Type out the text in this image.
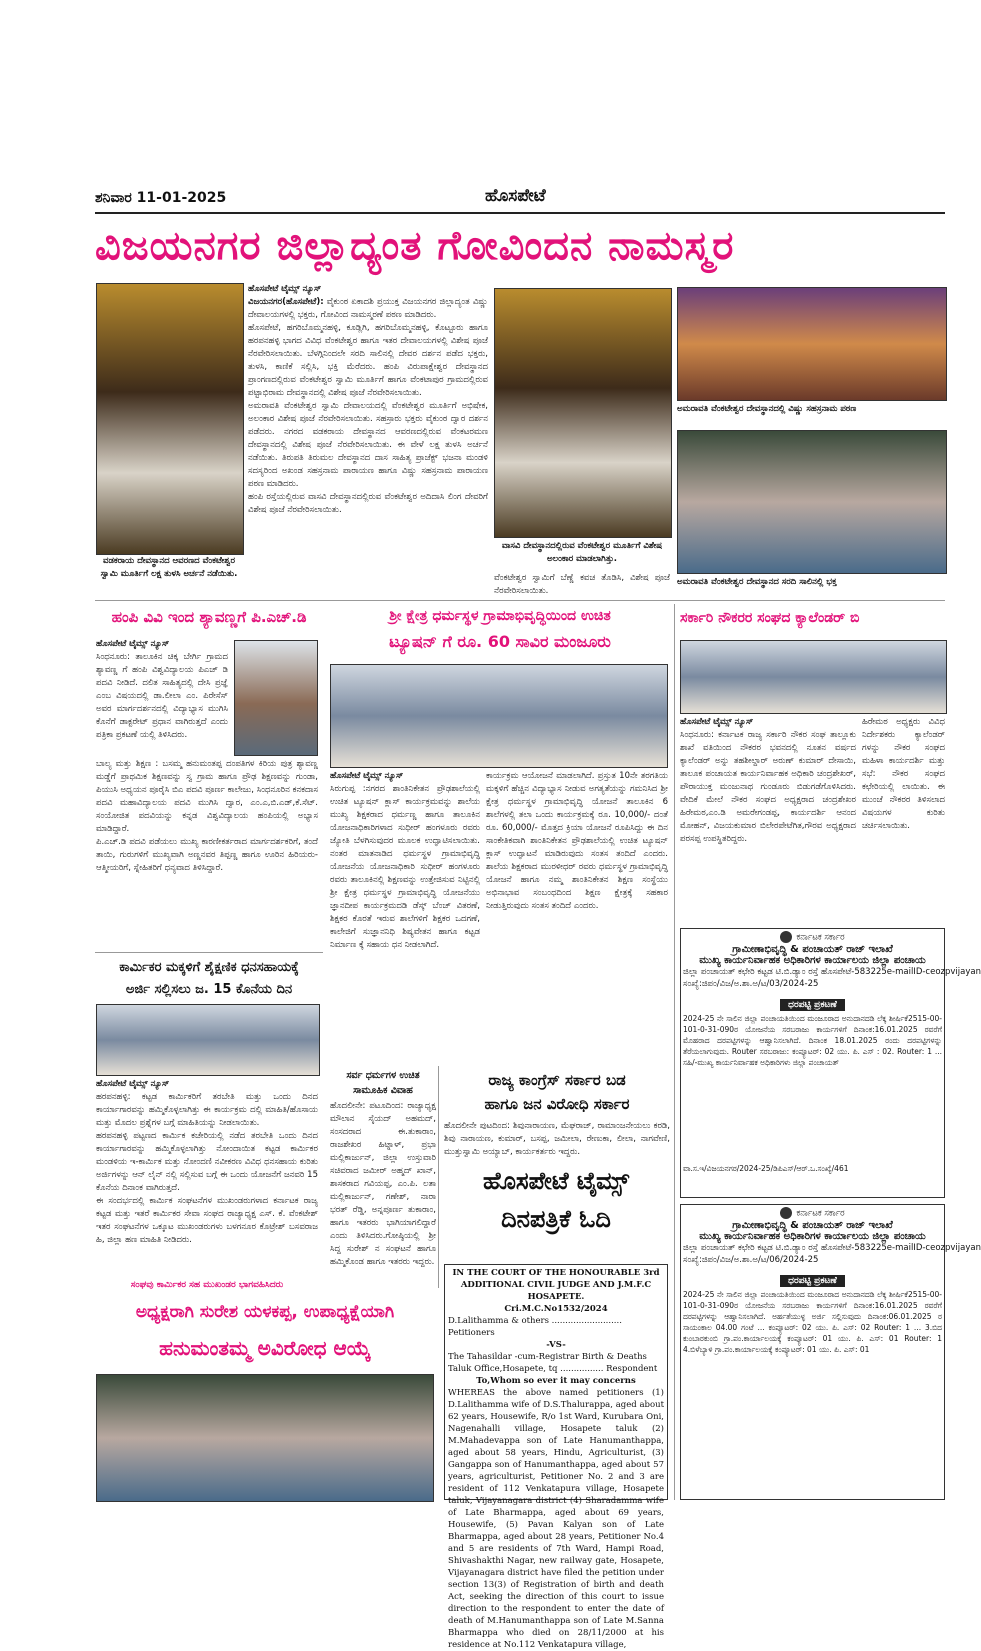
ಶನಿವಾರ 11-01-2025	ಹೊಸಪೇಟೆ
ವಿಜಯನಗರ ಜಿಲ್ಲಾದ್ಯಂತ ಗೋವಿಂದನ ನಾಮಸ್ಮರ
ವಡಕರಾಯ ದೇವಸ್ಥಾನದ ಆವರಣದ ವೆಂಕಟೇಶ್ವರ ಸ್ವಾಮಿ ಮೂರ್ತಿಗೆ ಲಕ್ಷ ತುಳಸಿ ಅರ್ಚನೆ ನಡೆಯಿತು.
ಹೊಸಪೇಟೆ ಟೈಮ್ಸ್ ನ್ಯೂಸ್
ವಿಜಯನಗರ(ಹೊಸಪೇಟೆ): ವೈಕುಂಠ ಏಕಾದಶಿ ಪ್ರಯುಕ್ತ ವಿಜಯನಗರ ಜಿಲ್ಲಾದ್ಯಂತ ವಿಷ್ಣು ದೇವಾಲಯಗಳಲ್ಲಿ ಭಕ್ತರು, ಗೋವಿಂದ ನಾಮಸ್ಮರಣೆ ಪಠಣ ಮಾಡಿದರು.
ಹೊಸಪೇಟೆ, ಹಗರಿಬೊಮ್ಮನಹಳ್ಳಿ, ಕೂಡ್ಲಿಗಿ, ಹಗರಿಬೊಮ್ಮನಹಳ್ಳಿ, ಕೊಟ್ಟೂರು ಹಾಗೂ ಹರಪನಹಳ್ಳಿ ಭಾಗದ ವಿವಿಧ ವೆಂಕಟೇಶ್ವರ ಹಾಗೂ ಇತರ ದೇವಾಲಯಗಳಲ್ಲಿ ವಿಶೇಷ ಪೂಜೆ ನೆರವೇರಿಸಲಾಯಿತು. ಬೆಳಗ್ಗಿನಿಂದಲೇ ಸರದಿ ಸಾಲಿನಲ್ಲಿ ದೇವರ ದರ್ಶನ ಪಡೆದ ಭಕ್ತರು, ತುಳಸಿ, ಕಾಣಿಕೆ ಸಲ್ಲಿಸಿ, ಭಕ್ತಿ ಮೆರೆದರು. ಹಂಪಿ ವಿರುಪಾಕ್ಷೇಶ್ವರ ದೇವಸ್ಥಾನದ ಪ್ರಾಂಗಣದಲ್ಲಿರುವ ವೆಂಕಟೇಶ್ವರ ಸ್ವಾಮಿ ಮೂರ್ತಿಗೆ ಹಾಗೂ ವೆಂಕಟಾಪುರ ಗ್ರಾಮದಲ್ಲಿರುವ ಪಟ್ಟಾಭಿರಾಮ ದೇವಸ್ಥಾನದಲ್ಲಿ ವಿಶೇಷ ಪೂಜೆ ನೆರವೇರಿಸಲಾಯಿತು.
ಅಮರಾವತಿ ವೆಂಕಟೇಶ್ವರ ಸ್ವಾಮಿ ದೇವಾಲಯದಲ್ಲಿ ವೆಂಕಟೇಶ್ವರ ಮೂರ್ತಿಗೆ ಅಭಿಷೇಕ, ಅಲಂಕಾರ ವಿಶೇಷ ಪೂಜೆ ನೆರವೇರಿಸಲಾಯಿತು. ಸಹಸ್ರಾರು ಭಕ್ತರು ವೈಕುಂಠ ದ್ವಾರ ದರ್ಶನ ಪಡೆದರು. ನಗರದ ವಡಕರಾಯ ದೇವಸ್ಥಾನದ ಆವರಣದಲ್ಲಿರುವ ವೆಂಕಟರಮಣ ದೇವಸ್ಥಾನದಲ್ಲಿ ವಿಶೇಷ ಪೂಜೆ ನೆರವೇರಿಸಲಾಯಿತು. ಈ ವೇಳೆ ಲಕ್ಷ ತುಳಸಿ ಅರ್ಚನೆ ನಡೆಯಿತು. ತಿರುಪತಿ ತಿರುಮಲ ದೇವಸ್ಥಾನದ ದಾಸ ಸಾಹಿತ್ಯ ಪ್ರಾಜೆಕ್ಟ್ ಭಜನಾ ಮಂಡಳಿ ಸದಸ್ಯರಿಂದ ಅಖಂಡ ಸಹಸ್ರನಾಮ ಪಾರಾಯಣ ಹಾಗೂ ವಿಷ್ಣು ಸಹಸ್ರನಾಮ ಪಾರಾಯಣ ಪಠಣ ಮಾಡಿದರು.
ಹಂಪಿ ರಸ್ತೆಯಲ್ಲಿರುವ ವಾಸವಿ ದೇವಸ್ಥಾನದಲ್ಲಿರುವ ವೆಂಕಟೇಶ್ವರ ಅದಿದಾಸಿ ಲಿಂಗ ದೇವರಿಗೆ ವಿಶೇಷ ಪೂಜೆ ನೆರವೇರಿಸಲಾಯಿತು.
ವಾಸವಿ ದೇವಸ್ಥಾನದಲ್ಲಿರುವ ವೆಂಕಟೇಶ್ವರ ಮೂರ್ತಿಗೆ ವಿಶೇಷ ಅಲಂಕಾರ ಮಾಡಲಾಗಿತ್ತು.
ವೆಂಕಟೇಶ್ವರ ಸ್ವಾಮಿಗೆ ಬೆಣ್ಣೆ ಕವಚ ತೊಡಿಸಿ, ವಿಶೇಷ ಪೂಜೆ ನೆರವೇರಿಸಲಾಯಿತು.
ಅಮರಾವತಿ ವೆಂಕಟೇಶ್ವರ ದೇವಸ್ಥಾನದಲ್ಲಿ ವಿಷ್ಣು ಸಹಸ್ರನಾಮ ಪಠಣ
ಅಮರಾವತಿ ವೆಂಕಟೇಶ್ವರ ದೇವಸ್ಥಾನದ ಸರದಿ ಸಾಲಿನಲ್ಲಿ ಭಕ್ತ
ಹಂಪಿ ವಿವಿ ಇಂದ ಶ್ಯಾವಣ್ಣಗೆ ಪಿ.ಎಚ್.ಡಿ
ಹೊಸಪೇಟೆ ಟೈಮ್ಸ್ ನ್ಯೂಸ್
ಸಿಂಧನೂರು: ತಾಲೂಕಿನ ಚಿಕ್ಕ ಬೇರ್ಗಿ ಗ್ರಾಮದ ಶ್ಯಾವಣ್ಣ ಗೆ ಹಂಪಿ ವಿಶ್ವವಿದ್ಯಾಲಯ ಪಿಎಚ್ ಡಿ ಪದವಿ ನೀಡಿದೆ. ದಲಿತ ಸಾಹಿತ್ಯದಲ್ಲಿ ದೇಸಿ ಪ್ರಜ್ಞೆ ಎಂಬ ವಿಷಯದಲ್ಲಿ ಡಾ.ಲೀಲಾ ಎಂ. ಪಿರೇಸೆಸ್ ಅವರ ಮಾರ್ಗದರ್ಶನದಲ್ಲಿ ವಿದ್ಯಾಭ್ಯಾಸ ಮುಗಿಸಿ ಕೊನೆಗೆ ಡಾಕ್ಟರೇಟ್ ಪ್ರಧಾನ ವಾಗಿರುತ್ತದೆ ಎಂದು ಪತ್ರಿಕಾ ಪ್ರಕಟಣೆ ಯಲ್ಲಿ ತಿಳಿಸಿದರು.
ಬಾಲ್ಯ ಮತ್ತು ಶಿಕ್ಷಣ : ಬಸಮ್ಮ ಹನುಮಂತಪ್ಪ ದಂಪತಿಗಳ ಕಿರಿಯ ಪುತ್ರ ಶ್ಯಾವಣ್ಣ ಮಡ್ಡೆಗೆ ಪ್ರಾಥಮಿಕ ಶಿಕ್ಷಣವನ್ನು ಸ್ವ ಗ್ರಾಮ ಹಾಗೂ ಪ್ರೌಢ ಶಿಕ್ಷಣವನ್ನು ಗುಂಡಾ, ಪಿಯುಸಿ ಅಧ್ಯಯನ ಪೂರೈಸಿ ಬಿಎ ಪದವಿ ಪೂರ್ಣ ಕಾಲೇಜು, ಸಿಂಧನೂರಿನ ಕನಕದಾಸ ಪದವಿ ಮಹಾವಿದ್ಯಾಲಯ ಪದವಿ ಮುಗಿಸಿ ದ್ವಾರ, ಎಂ.ಎ,ಬಿ.ಎಡ್,ಕೆ.ಸೆಟ್. ಸಂಯೋಜಿತ ಪದವಿಯನ್ನು ಕನ್ನಡ ವಿಶ್ವವಿದ್ಯಾಲಯ ಹಂಪಿಯಲ್ಲಿ ಅಭ್ಯಾಸ ಮಾಡಿದ್ದಾರೆ.
ಪಿ.ಎಚ್.ಡಿ ಪದವಿ ಪಡೆಯಲು ಮುಖ್ಯ ಕಾರಣೀಕರ್ತರಾದ ಮಾರ್ಗದರ್ಶಕರಿಗೆ, ತಂದೆ ತಾಯಿ, ಗುರುಗಳಿಗೆ ಮುಖ್ಯವಾಗಿ ಅಣ್ಣನವರ ತಿಪ್ಪಣ್ಣ ಹಾಗೂ ಊರಿನ ಹಿರಿಯರು- ಆತ್ಮೀಯರಿಗೆ, ಸ್ನೇಹಿತರಿಗೆ ಧನ್ಯವಾದ ತಿಳಿಸಿದ್ದಾರೆ.
ಕಾರ್ಮಿಕರ ಮಕ್ಕಳಿಗೆ ಶೈಕ್ಷಣಿಕ ಧನಸಹಾಯಕ್ಕೆ
ಅರ್ಜಿ ಸಲ್ಲಿಸಲು ಜ. 15 ಕೊನೆಯ ದಿನ
ಹೊಸಪೇಟೆ ಟೈಮ್ಸ್ ನ್ಯೂಸ್
ಹರಪನಹಳ್ಳಿ: ಕಟ್ಟಡ ಕಾರ್ಮಿಕರಿಗೆ ತರಬೇತಿ ಮತ್ತು ಒಂದು ದಿನದ ಕಾರ್ಯಾಗಾರವನ್ನು ಹಮ್ಮಿಕೊಳ್ಳಲಾಗಿತ್ತು ಈ ಕಾರ್ಯಕ್ರಮ ದಲ್ಲಿ ಮಾಹಿತಿ/ಹೊಸಾಯ ಮತ್ತು ಮೊದಲ ಪ್ರಶ್ನೆಗಳ ಬಗ್ಗೆ ಮಾಹಿತಿಯನ್ನು ನೀಡಲಾಯಿತು.
ಹರಪನಹಳ್ಳಿ ಪಟ್ಟಣದ ಕಾರ್ಮಿಕ ಕಚೇರಿಯಲ್ಲಿ ನಡೆದ ತರಬೇತಿ ಒಂದು ದಿನದ ಕಾರ್ಯಾಗಾರವನ್ನು ಹಮ್ಮಿಕೊಳ್ಳಲಾಗಿತ್ತು ನೋಂದಾಯಿತ ಕಟ್ಟಡ ಕಾರ್ಮಿಕರ ಮಂಡಳಿಯ ಇ-ಕಾರ್ಮಿಕ ಮತ್ತು ನೋಂದಣಿ ನವೀಕರಣ ವಿವಿಧ ಧನಸಹಾಯ ಕುರಿತು ಅರ್ಜಿಗಳನ್ನು ಆನ್ ಲೈನ್ ನಲ್ಲಿ ಸಲ್ಲಿಸುವ ಬಗ್ಗೆ ಈ ಒಂದು ಯೋಜನೆಗೆ ಜನವರಿ 15 ಕೊನೆಯ ದಿನಾಂಕ ವಾಗಿರುತ್ತದೆ.
ಈ ಸಂದರ್ಭದಲ್ಲಿ ಕಾರ್ಮಿಕ ಸಂಘಟನೆಗಳ ಮುಖಂಡರುಗಳಾದ ಕರ್ನಾಟಕ ರಾಜ್ಯ ಕಟ್ಟಡ ಮತ್ತು ಇತರೆ ಕಾರ್ಮಿಕರ ಸೇವಾ ಸಂಘದ ರಾಜ್ಯಾಧ್ಯಕ್ಷ ಎಸ್. ಕೆ. ವೆಂಕಟೇಶ್ ಇತರ ಸಂಘಟನೆಗಳ ಒಕ್ಕೂಟ ಮುಖಂಡರುಗಳು ಬಳಗನೂರ ಕೊಟ್ರೇಶ್ ಬಸವರಾಜ ಹಿ, ಜಿಲ್ಲಾ ಹಣ ಮಾಹಿತಿ ನೀಡಿದರು.
ಸಂಘವು ಕಾರ್ಮಿಕರ ಸಹ ಮುಖಂಡರ ಭಾಗವಹಿಸಿದರು
ಅಧ್ಯಕ್ಷರಾಗಿ ಸುರೇಶ ಯಳಕಪ್ಪ, ಉಪಾಧ್ಯಕ್ಷೆಯಾಗಿ
ಹನುಮಂತಮ್ಮ ಅವಿರೋಧ ಆಯ್ಕೆ
ಶ್ರೀ ಕ್ಷೇತ್ರ ಧರ್ಮಸ್ಥಳ ಗ್ರಾಮಾಭಿವೃದ್ಧಿಯಿಂದ ಉಚಿತ
ಟ್ಯೂಷನ್ ಗೆ ರೂ. 60 ಸಾವಿರ ಮಂಜೂರು
ಹೊಸಪೇಟೆ ಟೈಮ್ಸ್ ನ್ಯೂಸ್
ಸಿರುಗುಪ್ಪ :ನಗರದ ಶಾಂತಿನಿಕೇತನ ಪ್ರೌಢಶಾಲೆಯಲ್ಲಿ ಉಚಿತ ಟ್ಯೂಷನ್ ಕ್ಲಾಸ್ ಕಾರ್ಯಕ್ರಮವನ್ನು ಶಾಲೆಯ ಮುಖ್ಯ ಶಿಕ್ಷಕರಾದ ಧರ್ಮಣ್ಣ ಹಾಗೂ ತಾಲೂಕಿನ ಯೋಜನಾಧಿಕಾರಿಗಳಾದ ಸುಧೀರ್ ಹಂಗಳೂರು ರವರು ಜ್ಯೋತಿ ಬೆಳಗಿಸುವುದರ ಮೂಲಕ ಉದ್ಘಾಟಿಸಲಾಯಿತು. ನಂತರ ಮಾತನಾಡಿದ ಧರ್ಮಸ್ಥಳ ಗ್ರಾಮಾಭಿವೃದ್ಧಿ ಯೋಜನೆಯ ಯೋಜನಾಧಿಕಾರಿ ಸುಧೀರ್ ಹಂಗಳೂರು ರವರು ತಾಲೂಕಿನಲ್ಲಿ ಶಿಕ್ಷಣವನ್ನು ಉತ್ತೇಜಿಸುವ ನಿಟ್ಟಿನಲ್ಲಿ ಶ್ರೀ ಕ್ಷೇತ್ರ ಧರ್ಮಸ್ಥಳ ಗ್ರಾಮಾಭಿವೃದ್ಧಿ ಯೋಜನೆಯು ಜ್ಞಾನದೀಪ ಕಾರ್ಯಕ್ರಮದಡಿ ಡೆಸ್ಕ್ ಬೆಂಚ್ ವಿತರಣೆ, ಶಿಕ್ಷಕರ ಕೊರತೆ ಇರುವ ಶಾಲೆಗಳಿಗೆ ಶಿಕ್ಷಕರ ಒದಗಣೆ, ಕಾಲೇಜಿಗೆ ಸುಜ್ಞಾನನಿಧಿ ಶಿಷ್ಯವೇತನ ಹಾಗೂ ಕಟ್ಟಡ ನಿರ್ಮಾಣ ಕ್ಕೆ ಸಹಾಯ ಧನ ನೀಡಲಾಗಿದೆ.
ಕಾರ್ಯಕ್ರಮ ಆಯೋಜನೆ ಮಾಡಲಾಗಿದೆ. ಪ್ರಸ್ತುತ 10ನೇ ತರಗತಿಯ ಮಕ್ಕಳಿಗೆ ಹೆಚ್ಚಿನ ವಿದ್ಯಾಭ್ಯಾಸ ನೀಡುವ ಅಗತ್ಯತೆಯನ್ನು ಗಮನಿಸಿದ ಶ್ರೀ ಕ್ಷೇತ್ರ ಧರ್ಮಸ್ಥಳ ಗ್ರಾಮಾಭಿವೃದ್ಧಿ ಯೋಜನೆ ತಾಲೂಕಿನ 6 ಶಾಲೆಗಳಲ್ಲಿ ತಲಾ ಒಂದು ಕಾರ್ಯಕ್ರಮಕ್ಕೆ ರೂ. 10,000/- ದಂತೆ ರೂ. 60,000/- ಮೊತ್ತದ ಕ್ರಿಯಾ ಯೋಜನೆ ರೂಪಿಸಿದ್ದು ಈ ದಿನ ಸಾಂಕೇತಿಕವಾಗಿ ಶಾಂತಿನಿಕೇತನ ಪ್ರೌಢಶಾಲೆಯಲ್ಲಿ ಉಚಿತ ಟ್ಯೂಷನ್ ಕ್ಲಾಸ್ ಉದ್ಘಾಟನೆ ಮಾಡಿರುವುದು ಸಂತಸ ತಂದಿದೆ ಎಂದರು. ಶಾಲೆಯ ಶಿಕ್ಷಕರಾದ ಮುರಳೀಧರ್ ರವರು ಧರ್ಮಸ್ಥಳ ಗ್ರಾಮಾಭಿವೃದ್ಧಿ ಯೋಜನೆ ಹಾಗೂ ನಮ್ಮ ಶಾಂತಿನಿಕೇತನ ಶಿಕ್ಷಣ ಸಂಸ್ಥೆಯು ಅಭಿನಾಭಾವ ಸಂಬಂಧದಿಂದ ಶಿಕ್ಷಣ ಕ್ಷೇತ್ರಕ್ಕೆ ಸಹಕಾರ ನೀಡುತ್ತಿರುವುದು ಸಂತಸ ತಂದಿದೆ ಎಂದರು.
ಸರ್ವ ಧರ್ಮಗಳ ಉಚಿತ ಸಾಮೂಹಿಕ ವಿವಾಹ
ಹೊದಲೀನೇ: ಪಟೂದಿಂದ: ರಾಜ್ಯಾಧ್ಯಕ್ಷ ಮೌಲಾನ ಸೈಯದ್ ಅಹಮದ್, ಸಂಸದರಾದ ಈ.ತುಕಾರಾಂ, ರಾಜಶೇಖರ ಹಿಟ್ನಾಳ್, ಪ್ರಭಾ ಮಲ್ಲಿಕಾರ್ಜುನ್, ಜಿಲ್ಲಾ ಉಸ್ತುವಾರಿ ಸಚಿವರಾದ ಜಮೀರ್ ಅಹ್ಮದ್ ಖಾನ್, ಶಾಸಕರಾದ ಗವಿಯಪ್ಪ, ಎಂ.ಪಿ. ಲತಾ ಮಲ್ಲಿಕಾರ್ಜುನ್, ಗಣೇಶ್, ನಾರಾ ಭರತ್ ರೆಡ್ಡಿ, ಅನ್ನಪೂರ್ಣ ತುಕಾರಾಂ, ಹಾಗೂ ಇತರರು ಭಾಗಿಯಾಗಲಿದ್ದಾರೆ ಎಂದು ತಿಳಿಸಿದರು.ಗೋಷ್ಠಿಯಲ್ಲಿ ಶ್ರೀ ಸಿದ್ದ ಸುರೇಶ್ ನ ಸಂಘಟನೆ ಹಾಗೂ ಹಮ್ಮಿಕೊಂಡ ಹಾಗೂ ಇತರರು ಇದ್ದರು.
ರಾಜ್ಯ ಕಾಂಗ್ರೆಸ್ ಸರ್ಕಾರ ಬಡ
ಹಾಗೂ ಜನ ವಿರೋಧಿ ಸರ್ಕಾರ
ಹೊದಲೀನೇ ಪುಟದಿಂದ: ಶಿವುನಾರಾಯಣ, ಮೆಘರಾಜ್, ರಾಮಾಂಜನೇಯಲು ಕರಡಿ, ಶಿವು ನಾರಾಯಣ, ಕುಮಾರ್, ಬಸಪ್ಪ, ಜಮೀಲಾ, ರೇಣುಕಾ, ಲೀಲಾ, ನಾಗವೇಣಿ, ಮುತ್ತುಸ್ವಾಮಿ ಅಯ್ಯಾಬ್, ಕಾರ್ಯಕರ್ತರು ಇದ್ದರು.
ಹೊಸಪೇಟೆ ಟೈಮ್ಸ್
ದಿನಪತ್ರಿಕೆ ಓದಿ
IN THE COURT OF THE HONOURABLE 3rd ADDITIONAL CIVIL JUDGE AND J.M.F.C HOSAPETE.
Cri.M.C.No1532/2024
D.Lalithamma & others .......................... Petitioners
-VS-
The Tahasildar -cum-Registrar Birth & Deaths Taluk Office,Hosapete, tq ................ Respondent
To,Whom so ever it may concerns
WHEREAS the above named petitioners (1) D.Lalithamma wife of D.S.Thalurappa, aged about 62 years, Housewife, R/o 1st Ward, Kurubara Oni, Nagenahalli village, Hosapete taluk (2) M.Mahadevappa son of Late Hanumanthappa, aged about 58 years, Hindu, Agriculturist, (3) Gangappa son of Hanumanthappa, aged about 57 years, agriculturist, Petitioner No. 2 and 3 are resident of 112 Venkatapura village, Hosapete taluk, Vijayanagara district (4) Sharadamma wife of Late Bharmappa, aged about 69 years, Housewife, (5) Pavan Kalyan son of Late Bharmappa, aged about 28 years, Petitioner No.4 and 5 are residents of 7th Ward, Hampi Road, Shivashakthi Nagar, new railway gate, Hosapete, Vijayanagara district have filed the petition under section 13(3) of Registration of birth and death Act, seeking the direction of this court to issue direction to the respondent to enter the date of death of M.Hanumanthappa son of Late M.Sanna Bharmappa who died on 28/11/2000 at his residence at No.112 Venkatapura village,
ಸರ್ಕಾರಿ ನೌಕರರ ಸಂಘದ ಕ್ಯಾಲೆಂಡರ್ ಬಿ
ಹೊಸಪೇಟೆ ಟೈಮ್ಸ್ ನ್ಯೂಸ್
ಸಿಂಧನೂರು: ಕರ್ನಾಟಕ ರಾಜ್ಯ ಸರ್ಕಾರಿ ನೌಕರ ಸಂಘ ತಾಲ್ಲೂಕು ಶಾಖೆ ವತಿಯಿಂದ ನೌಕರರ ಭವನದಲ್ಲಿ ನೂತನ ವರ್ಷದ ಕ್ಯಾಲೆಂಡರ್ ಅನ್ನು ತಹಶೀಲ್ದಾರ್ ಅರುಣ್ ಕುಮಾರ್ ದೇಸಾಯಿ, ತಾಲೂಕ ಪಂಚಾಯತ ಕಾರ್ಯನಿರ್ವಾಹಕ ಅಧಿಕಾರಿ ಚಂದ್ರಶೇಖರ್, ಪೌರಾಯುಕ್ತ ಮಂಜುನಾಥ ಗುಂಡೂರು ಬಿಡುಗಡೆಗೊಳಿಸಿದರು. ವೇದಿಕೆ ಮೇಲೆ ನೌಕರ ಸಂಘದ ಅಧ್ಯಕ್ಷರಾದ ಚಂದ್ರಶೇಖರ ಹಿರೇಮಠ,ಎಂ.ಡಿ ಅಮರೇಗಂಡಪ್ಪ, ಕಾರ್ಯದರ್ಶಿ ಆನಂದ ಮೋಹನ್, ವಿಜಯಕುಮಾರ ಬಿಲೇರಪೇಟೆಗಿತ,ಗೌರವ ಅಧ್ಯಕ್ಷರಾದ ಪರಸಪ್ಪ ಉಪಸ್ಥಿತರಿದ್ದರು.
ಹಿರೇಮಠ ಅಧ್ಯಕ್ಷರು ವಿವಿಧ ನಿರ್ದೇಶಕರು ಕ್ಯಾಲೆಂಡರ್ ಗಳನ್ನು ನೌಕರ ಸಂಘದ ಮಹಿಳಾ ಕಾರ್ಯದರ್ಶಿ ಮತ್ತು ಸಭೆ: ನೌಕರ ಸಂಘದ ಕಛೇರಿಯಲ್ಲಿ ಲಾಯಿತು. ಈ ಮುಂಚೆ ನೌಕರರ ತಿಳಿಸಲಾದ ವಿಷಯಗಳ ಕುರಿತು ಚರ್ಚಿಸಲಾಯಿತು.
ಕರ್ನಾಟಕ ಸರ್ಕಾರ
ಗ್ರಾಮೀಣಾಭಿವೃದ್ಧಿ & ಪಂಚಾಯತ್ ರಾಜ್ ಇಲಾಖೆ
ಮುಖ್ಯ ಕಾರ್ಯನಿರ್ವಾಹಕ ಅಧಿಕಾರಿಗಳ ಕಾರ್ಯಾಲಯ ಜಿಲ್ಲಾ ಪಂಚಾಯ
ಜಿಲ್ಲಾ ಪಂಚಾಯತ್ ಕಛೇರಿ ಕಟ್ಟಡ ಟಿ.ಬಿ.ಡ್ಯಾಂ ರಸ್ತೆ ಹೊಸಪೇಟೆ-583225e-mailID-ceozpvijayan
ಸಂಖ್ಯೆ:ಜಿಪಂ/ವಿಜ/ಅ.ಶಾ.ಅ/ಟ/03/2024-25
ಧರಪಟ್ಟಿ ಪ್ರಕಟಣೆ
2024-25 ನೇ ಸಾಲಿನ ಜಿಲ್ಲಾ ಪಂಚಾಯತಿಯಿಂದ ಮಂಜೂರಾದ ಅನುದಾನದಡಿ ಲೆಕ್ಕ ಶೀರ್ಷಿಕೆ2515-00-101-0-31-090ರ ಯೋಜನೆಯ ಸರಬರಾಜು ಕಾರ್ಯಗಳಿಗೆ ದಿನಾಂಕ:16.01.2025 ರವರೆಗೆ ಮೊಹರಾದ ದರಪಟ್ಟಿಗಳನ್ನು ಆಹ್ವಾನಿಸಲಾಗಿದೆ. ದಿನಾಂಕ 18.01.2025 ರಂದು ದರಪಟ್ಟಿಗಳನ್ನು ತೆರೆಯಲಾಗುವುದು. Router ಸರಬರಾಜು: ಕಂಪ್ಯೂಟರ್: 02 ಯು. ಪಿ. ಎಸ್ : 02. Router: 1 ... ಸಹಿ/-ಮುಖ್ಯ ಕಾರ್ಯನಿರ್ವಾಹಕ ಅಧಿಕಾರಿಗಳು ಜಿಲ್ಲಾ ಪಂಚಾಯತ್
ವಾ.ಸ.ಇ/ವಿಜಯನಗರ/2024-25/ಡಿಪಿಎಸ್/ಆರ್.ಒ.ಸಂಖ್ಯೆ/461
ಕರ್ನಾಟಕ ಸರ್ಕಾರ
ಗ್ರಾಮೀಣಾಭಿವೃದ್ಧಿ & ಪಂಚಾಯತ್ ರಾಜ್ ಇಲಾಖೆ
ಮುಖ್ಯ ಕಾರ್ಯನಿರ್ವಾಹಕ ಅಧಿಕಾರಿಗಳ ಕಾರ್ಯಾಲಯ ಜಿಲ್ಲಾ ಪಂಚಾಯ
ಜಿಲ್ಲಾ ಪಂಚಾಯತ್ ಕಛೇರಿ ಕಟ್ಟಡ ಟಿ.ಬಿ.ಡ್ಯಾಂ ರಸ್ತೆ ಹೊಸಪೇಟೆ-583225e-mailID-ceozpvijayan
ಸಂಖ್ಯೆ:ಜಿಪಂ/ವಿಜ/ಅ.ಶಾ.ಅ/ಟ/06/2024-25
ಧರಪಟ್ಟಿ ಪ್ರಕಟಣೆ
2024-25 ನೇ ಸಾಲಿನ ಜಿಲ್ಲಾ ಪಂಚಾಯತಿಯಿಂದ ಮಂಜೂರಾದ ಅನುದಾನದಡಿ ಲೆಕ್ಕ ಶೀರ್ಷಿಕೆ2515-00-101-0-31-090ರ ಯೋಜನೆಯ ಸರಬರಾಜು ಕಾರ್ಯಗಳಿಗೆ ದಿನಾಂಕ:16.01.2025 ರವರೆಗೆ ದರಪಟ್ಟಿಗಳನ್ನು ಆಹ್ವಾನಿಸಲಾಗಿದೆ. ಅರ್ಹತೆಯುಳ್ಳ ಅರ್ಜಿ ಸಲ್ಲಿಸುವುದು ದಿನಾಂಕ:06.01.2025 ರ ಸಾಯಂಕಾಲ 04.00 ಗಂಟೆ ... ಕಂಪ್ಯೂಟರ್: 02 ಯು. ಪಿ. ಎಸ್: 02 Router: 1 ... 3.ಬಿದ ಕುಂಬಾರಕುಂಬಿ ಗ್ರಾ.ಪಂ.ಕಾರ್ಯಾಲಯಕ್ಕೆ ಕಂಪ್ಯೂಟರ್: 01 ಯು. ಪಿ. ಎಸ್: 01 Router: 1 4.ಬಿಳೆಬ್ಯಾಳಿ ಗ್ರಾ.ಪಂ.ಕಾರ್ಯಾಲಯಕ್ಕೆ ಕಂಪ್ಯೂಟರ್: 01 ಯು. ಪಿ. ಎಸ್: 01
